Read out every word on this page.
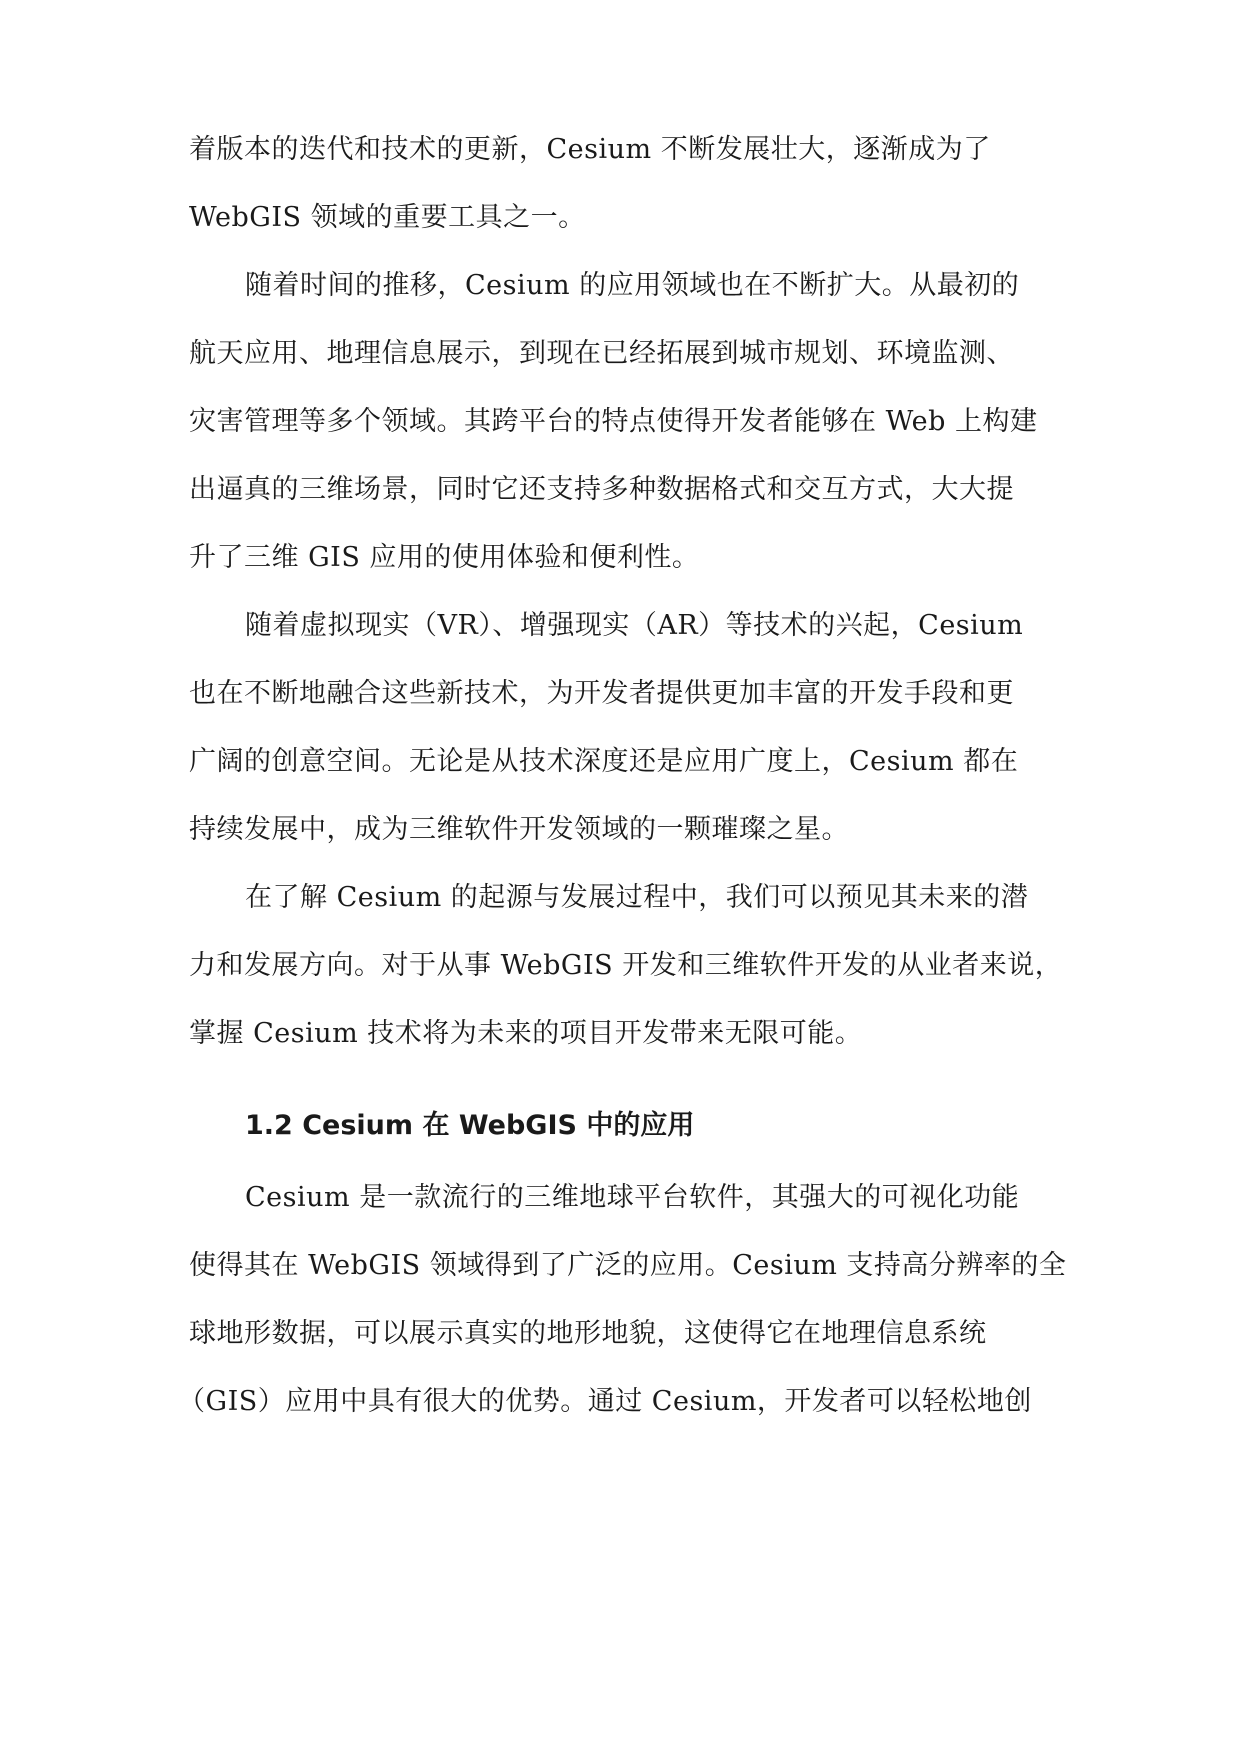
着版本的迭代和技术的更新，Cesium 不断发展壮大，逐渐成为了
WebGIS 领域的重要工具之一。
随着时间的推移，Cesium 的应用领域也在不断扩大。从最初的
航天应用、地理信息展示，到现在已经拓展到城市规划、环境监测、
灾害管理等多个领域。其跨平台的特点使得开发者能够在 Web 上构建
出逼真的三维场景，同时它还支持多种数据格式和交互方式，大大提
升了三维 GIS 应用的使用体验和便利性。
随着虚拟现实（VR）、增强现实（AR）等技术的兴起，Cesium
也在不断地融合这些新技术，为开发者提供更加丰富的开发手段和更
广阔的创意空间。无论是从技术深度还是应用广度上，Cesium 都在
持续发展中，成为三维软件开发领域的一颗璀璨之星。
在了解 Cesium 的起源与发展过程中，我们可以预见其未来的潜
力和发展方向。对于从事 WebGIS 开发和三维软件开发的从业者来说，
掌握 Cesium 技术将为未来的项目开发带来无限可能。
1.2 Cesium 在 WebGIS 中的应用
Cesium 是一款流行的三维地球平台软件，其强大的可视化功能
使得其在 WebGIS 领域得到了广泛的应用。Cesium 支持高分辨率的全
球地形数据，可以展示真实的地形地貌，这使得它在地理信息系统
（GIS）应用中具有很大的优势。通过 Cesium，开发者可以轻松地创
